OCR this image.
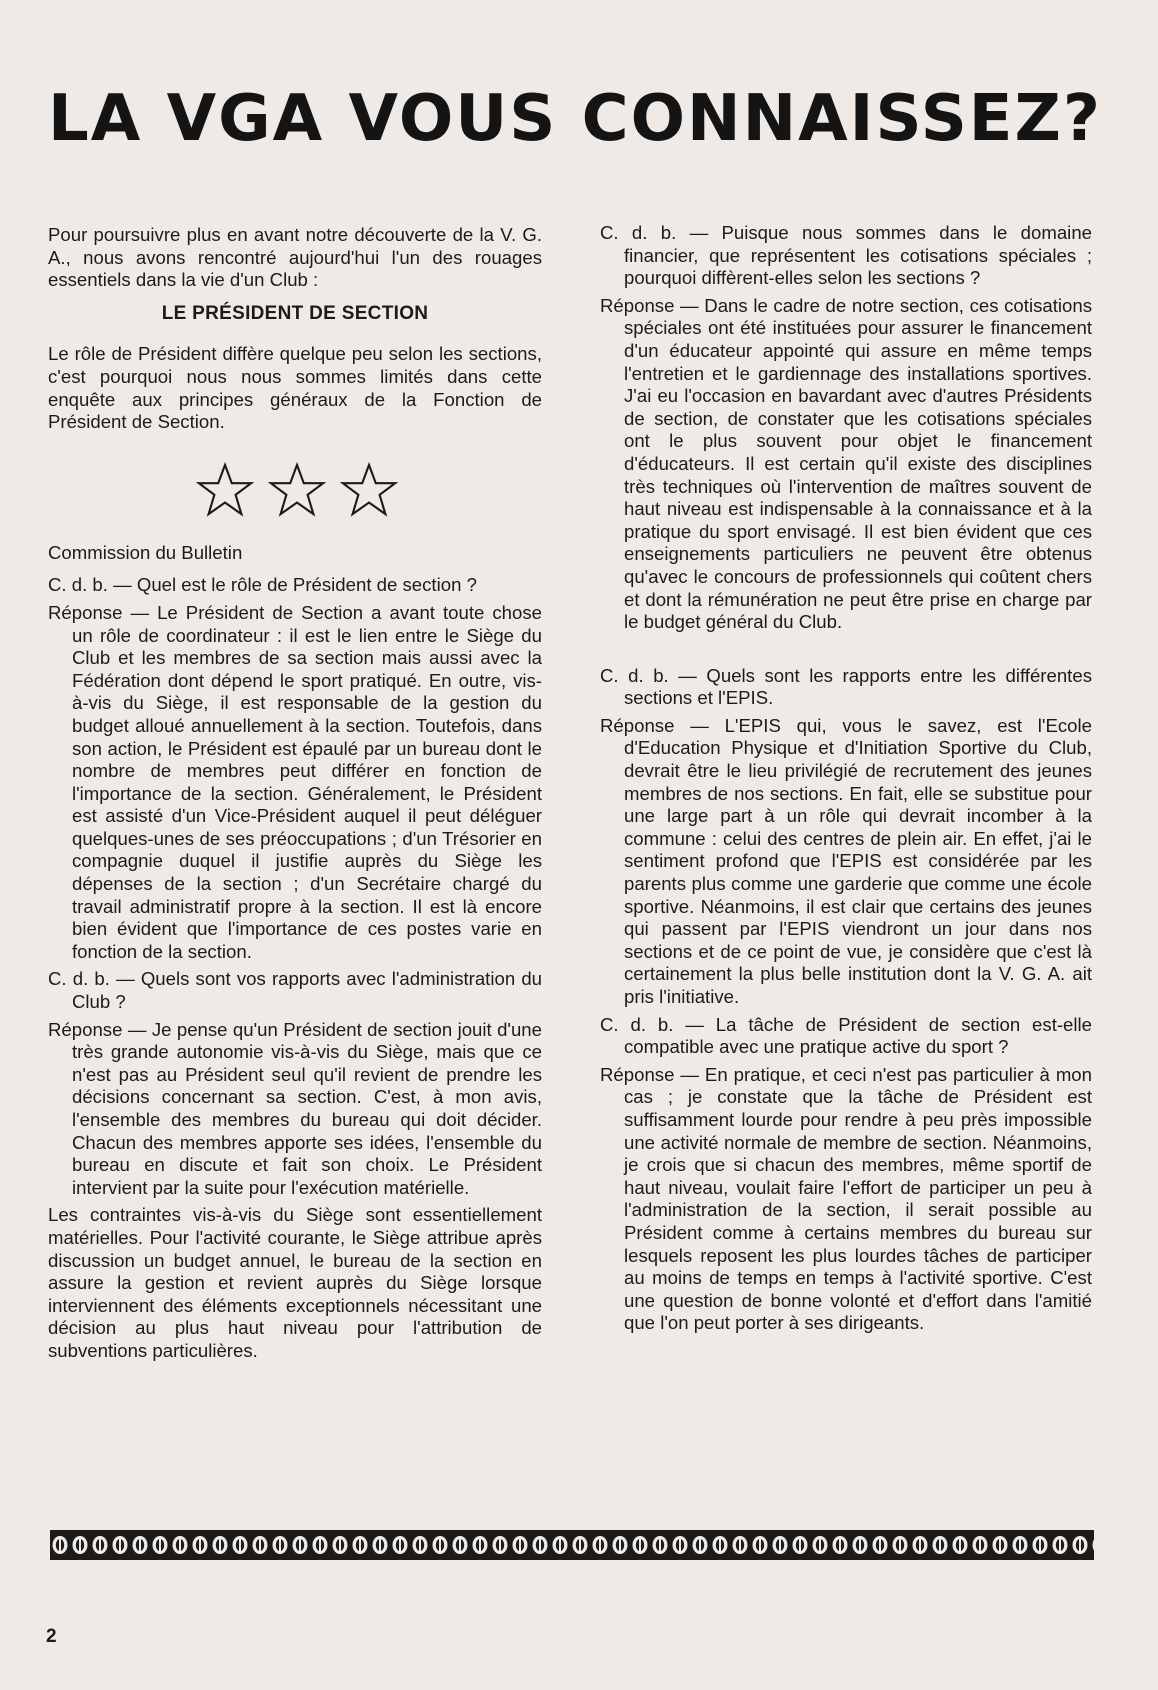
LA VGA VOUS CONNAISSEZ?

Pour poursuivre plus en avant notre découverte de la V. G. A., nous avons rencontré aujourd'hui l'un des rouages essentiels dans la vie d'un Club :

LE PRÉSIDENT DE SECTION

Le rôle de Président diffère quelque peu selon les sections, c'est pourquoi nous nous sommes limités dans cette enquête aux principes généraux de la Fonction de Président de Section.

Commission du Bulletin

C. d. b. — Quel est le rôle de Président de section ?

Réponse — Le Président de Section a avant toute chose un rôle de coordinateur : il est le lien entre le Siège du Club et les membres de sa section mais aussi avec la Fédération dont dépend le sport pratiqué. En outre, vis-à-vis du Siège, il est responsable de la gestion du budget alloué annuellement à la section. Toutefois, dans son action, le Président est épaulé par un bureau dont le nombre de membres peut différer en fonction de l'importance de la section. Généralement, le Président est assisté d'un Vice-Président auquel il peut déléguer quelques-unes de ses préoccupations ; d'un Trésorier en compagnie duquel il justifie auprès du Siège les dépenses de la section ; d'un Secrétaire chargé du travail administratif propre à la section. Il est là encore bien évident que l'importance de ces postes varie en fonction de la section.

C. d. b. — Quels sont vos rapports avec l'administration du Club ?

Réponse — Je pense qu'un Président de section jouit d'une très grande autonomie vis-à-vis du Siège, mais que ce n'est pas au Président seul qu'il revient de prendre les décisions concernant sa section. C'est, à mon avis, l'ensemble des membres du bureau qui doit décider. Chacun des membres apporte ses idées, l'ensemble du bureau en discute et fait son choix. Le Président intervient par la suite pour l'exécution matérielle.

Les contraintes vis-à-vis du Siège sont essentiellement matérielles. Pour l'activité courante, le Siège attribue après discussion un budget annuel, le bureau de la section en assure la gestion et revient auprès du Siège lorsque interviennent des éléments exceptionnels nécessitant une décision au plus haut niveau pour l'attribution de subventions particulières.

C. d. b. — Puisque nous sommes dans le domaine financier, que représentent les cotisations spéciales ; pourquoi diffèrent-elles selon les sections ?

Réponse — Dans le cadre de notre section, ces cotisations spéciales ont été instituées pour assurer le financement d'un éducateur appointé qui assure en même temps l'entretien et le gardiennage des installations sportives. J'ai eu l'occasion en bavardant avec d'autres Présidents de section, de constater que les cotisations spéciales ont le plus souvent pour objet le financement d'éducateurs. Il est certain qu'il existe des disciplines très techniques où l'intervention de maîtres souvent de haut niveau est indispensable à la connaissance et à la pratique du sport envisagé. Il est bien évident que ces enseignements particuliers ne peuvent être obtenus qu'avec le concours de professionnels qui coûtent chers et dont la rémunération ne peut être prise en charge par le budget général du Club.

C. d. b. — Quels sont les rapports entre les différentes sections et l'EPIS.

Réponse — L'EPIS qui, vous le savez, est l'Ecole d'Education Physique et d'Initiation Sportive du Club, devrait être le lieu privilégié de recrutement des jeunes membres de nos sections. En fait, elle se substitue pour une large part à un rôle qui devrait incomber à la commune : celui des centres de plein air. En effet, j'ai le sentiment profond que l'EPIS est considérée par les parents plus comme une garderie que comme une école sportive. Néanmoins, il est clair que certains des jeunes qui passent par l'EPIS viendront un jour dans nos sections et de ce point de vue, je considère que c'est là certainement la plus belle institution dont la V. G. A. ait pris l'initiative.

C. d. b. — La tâche de Président de section est-elle compatible avec une pratique active du sport ?

Réponse — En pratique, et ceci n'est pas particulier à mon cas ; je constate que la tâche de Président est suffisamment lourde pour rendre à peu près impossible une activité normale de membre de section. Néanmoins, je crois que si chacun des membres, même sportif de haut niveau, voulait faire l'effort de participer un peu à l'administration de la section, il serait possible au Président comme à certains membres du bureau sur lesquels reposent les plus lourdes tâches de participer au moins de temps en temps à l'activité sportive. C'est une question de bonne volonté et d'effort dans l'amitié que l'on peut porter à ses dirigeants.

2
